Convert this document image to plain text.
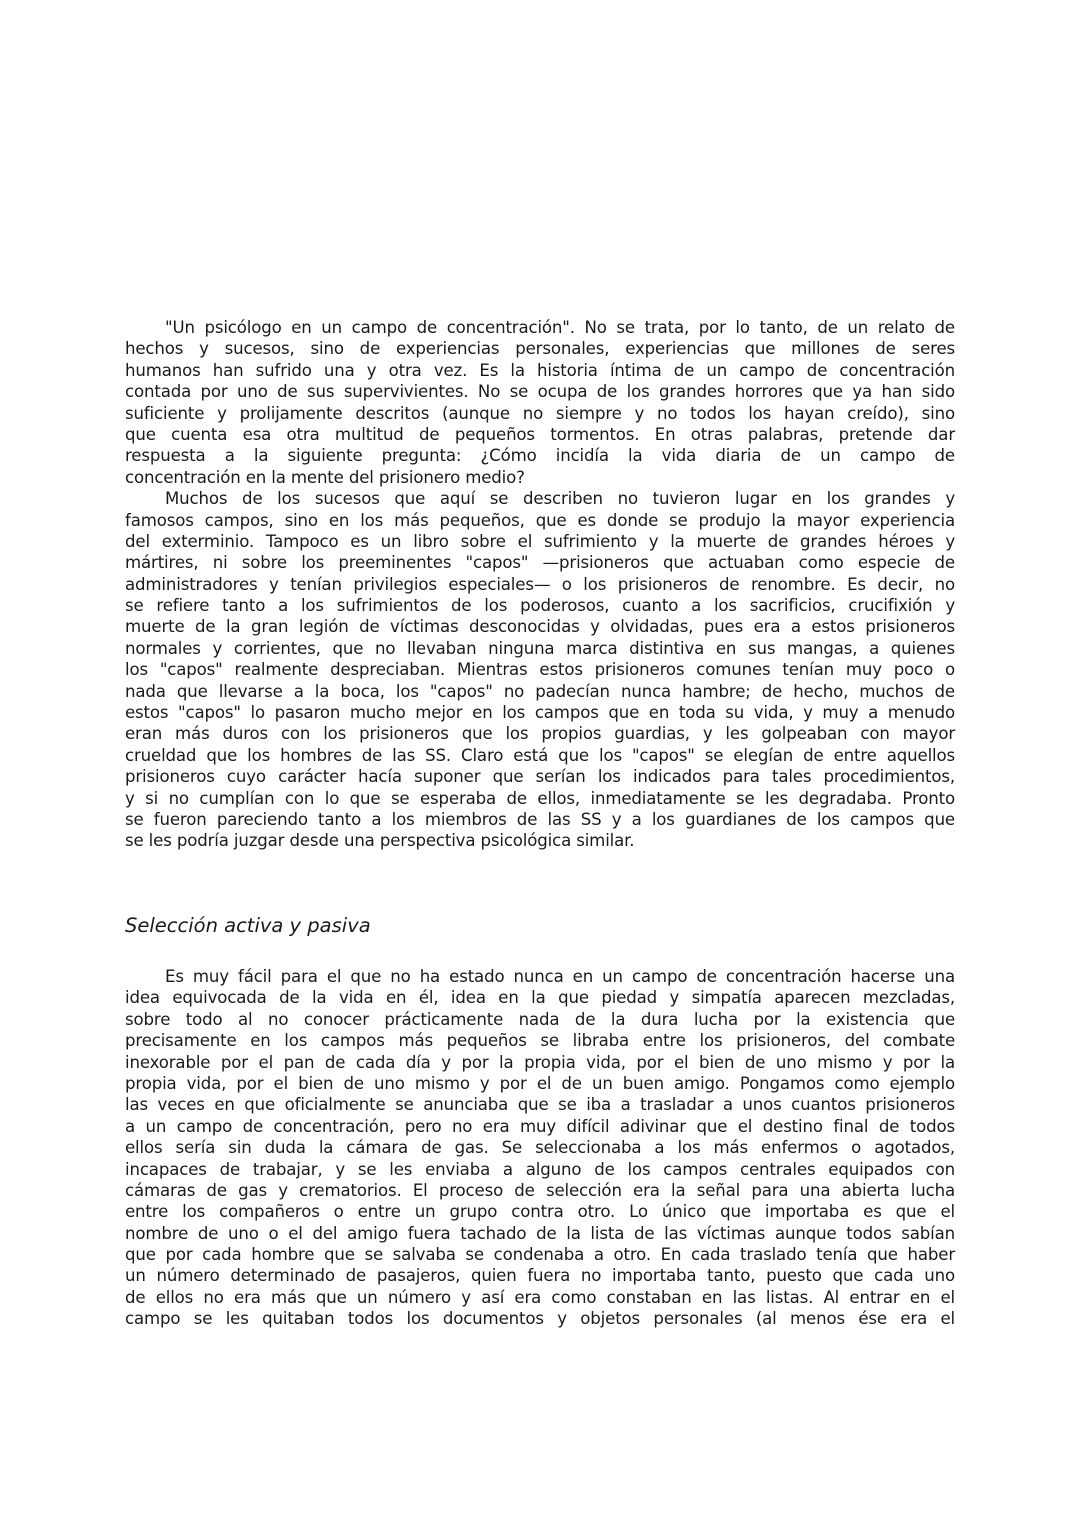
"Un psicólogo en un campo de concentración". No se trata, por lo tanto, de un relato de
hechos y sucesos, sino de experiencias personales, experiencias que millones de seres
humanos han sufrido una y otra vez. Es la historia íntima de un campo de concentración
contada por uno de sus supervivientes. No se ocupa de los grandes horrores que ya han sido
suficiente y prolijamente descritos (aunque no siempre y no todos los hayan creído), sino
que cuenta esa otra multitud de pequeños tormentos. En otras palabras, pretende dar
respuesta a la siguiente pregunta: ¿Cómo incidía la vida diaria de un campo de
concentración en la mente del prisionero medio?

Muchos de los sucesos que aquí se describen no tuvieron lugar en los grandes y
famosos campos, sino en los más pequeños, que es donde se produjo la mayor experiencia
del exterminio. Tampoco es un libro sobre el sufrimiento y la muerte de grandes héroes y
mártires, ni sobre los preeminentes "capos" —prisioneros que actuaban como especie de
administradores y tenían privilegios especiales— o los prisioneros de renombre. Es decir, no
se refiere tanto a los sufrimientos de los poderosos, cuanto a los sacrificios, crucifixión y
muerte de la gran legión de víctimas desconocidas y olvidadas, pues era a estos prisioneros
normales y corrientes, que no llevaban ninguna marca distintiva en sus mangas, a quienes
los "capos" realmente despreciaban. Mientras estos prisioneros comunes tenían muy poco o
nada que llevarse a la boca, los "capos" no padecían nunca hambre; de hecho, muchos de
estos "capos" lo pasaron mucho mejor en los campos que en toda su vida, y muy a menudo
eran más duros con los prisioneros que los propios guardias, y les golpeaban con mayor
crueldad que los hombres de las SS. Claro está que los "capos" se elegían de entre aquellos
prisioneros cuyo carácter hacía suponer que serían los indicados para tales procedimientos,
y si no cumplían con lo que se esperaba de ellos, inmediatamente se les degradaba. Pronto
se fueron pareciendo tanto a los miembros de las SS y a los guardianes de los campos que
se les podría juzgar desde una perspectiva psicológica similar.

Selección activa y pasiva

Es muy fácil para el que no ha estado nunca en un campo de concentración hacerse una
idea equivocada de la vida en él, idea en la que piedad y simpatía aparecen mezcladas,
sobre todo al no conocer prácticamente nada de la dura lucha por la existencia que
precisamente en los campos más pequeños se libraba entre los prisioneros, del combate
inexorable por el pan de cada día y por la propia vida, por el bien de uno mismo y por la
propia vida, por el bien de uno mismo y por el de un buen amigo. Pongamos como ejemplo
las veces en que oficialmente se anunciaba que se iba a trasladar a unos cuantos prisioneros
a un campo de concentración, pero no era muy difícil adivinar que el destino final de todos
ellos sería sin duda la cámara de gas. Se seleccionaba a los más enfermos o agotados,
incapaces de trabajar, y se les enviaba a alguno de los campos centrales equipados con
cámaras de gas y crematorios. El proceso de selección era la señal para una abierta lucha
entre los compañeros o entre un grupo contra otro. Lo único que importaba es que el
nombre de uno o el del amigo fuera tachado de la lista de las víctimas aunque todos sabían
que por cada hombre que se salvaba se condenaba a otro. En cada traslado tenía que haber
un número determinado de pasajeros, quien fuera no importaba tanto, puesto que cada uno
de ellos no era más que un número y así era como constaban en las listas. Al entrar en el
campo se les quitaban todos los documentos y objetos personales (al menos ése era el
